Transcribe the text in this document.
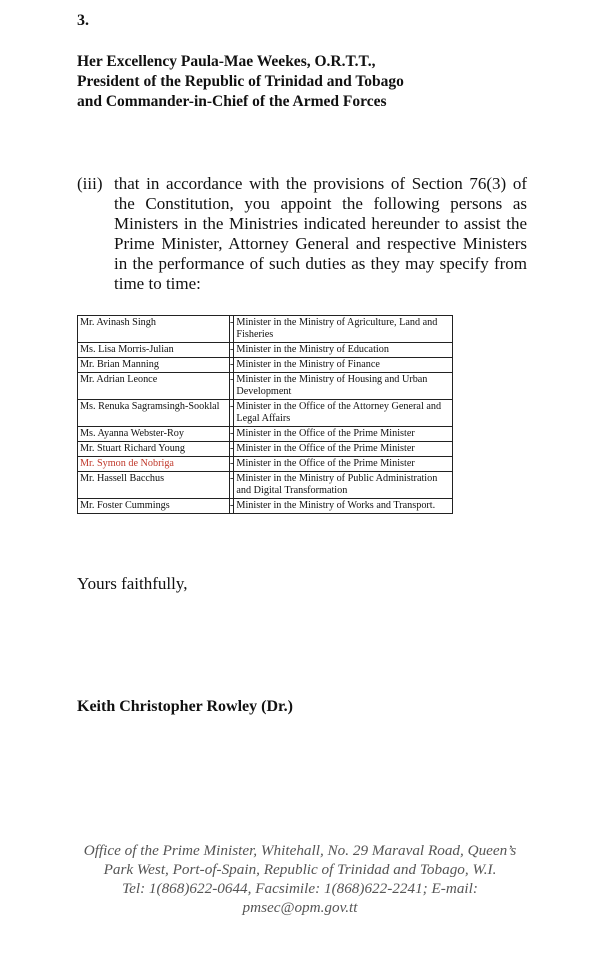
3.
Her Excellency Paula-Mae Weekes, O.R.T.T.,
President of the Republic of Trinidad and Tobago
and Commander-in-Chief of the Armed Forces
(iii) that in accordance with the provisions of Section 76(3) of the Constitution, you appoint the following persons as Ministers in the Ministries indicated hereunder to assist the Prime Minister, Attorney General and respective Ministers in the performance of such duties as they may specify from time to time:
Mr. Avinash Singh	-	Minister in the Ministry of Agriculture, Land and Fisheries
Ms. Lisa Morris-Julian	-	Minister in the Ministry of Education
Mr. Brian Manning	-	Minister in the Ministry of Finance
Mr. Adrian Leonce	-	Minister in the Ministry of Housing and Urban Development
Ms. Renuka Sagramsingh-Sooklal	-	Minister in the Office of the Attorney General and Legal Affairs
Ms. Ayanna Webster-Roy	-	Minister in the Office of the Prime Minister
Mr. Stuart Richard Young	-	Minister in the Office of the Prime Minister
Mr. Symon de Nobriga	-	Minister in the Office of the Prime Minister
Mr. Hassell Bacchus	-	Minister in the Ministry of Public Administration and Digital Transformation
Mr. Foster Cummings	-	Minister in the Ministry of Works and Transport.
Yours faithfully,
Keith Christopher Rowley (Dr.)
Office of the Prime Minister, Whitehall, No. 29 Maraval Road, Queen’s
Park West, Port-of-Spain, Republic of Trinidad and Tobago, W.I.
Tel: 1(868)622-0644, Facsimile: 1(868)622-2241; E-mail:
pmsec@opm.gov.tt
